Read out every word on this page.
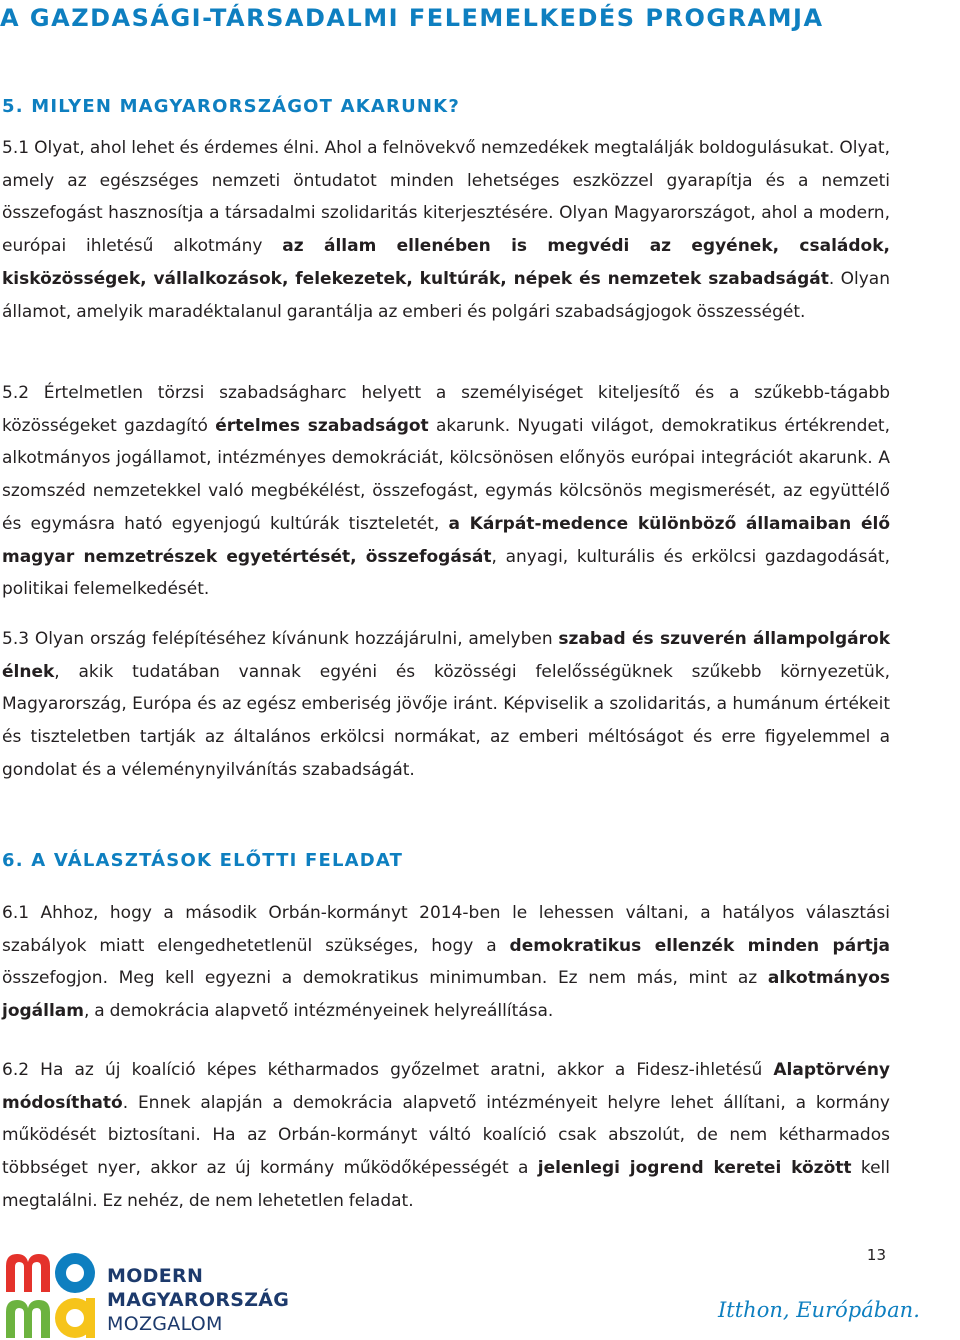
A GAZDASÁGI-TÁRSADALMI FELEMELKEDÉS PROGRAMJA
5. MILYEN MAGYARORSZÁGOT AKARUNK?

5.1 Olyat, ahol lehet és érdemes élni. Ahol a felnövekvő nemzedékek megtalálják boldogulásukat. Olyat, amely az egészséges nemzeti öntudatot minden lehetséges eszközzel gyarapítja és a nemzeti összefogást hasznosítja a társadalmi szolidaritás kiterjesztésére. Olyan Magyarországot, ahol a modern, európai ihletésű alkotmány az állam ellenében is megvédi az egyének, családok, kisközösségek, vállalkozások, felekezetek, kultúrák, népek és nemzetek szabadságát. Olyan államot, amelyik maradéktalanul garantálja az emberi és polgári szabadságjogok összességét.

5.2 Értelmetlen törzsi szabadságharc helyett a személyiséget kiteljesítő és a szűkebb-tágabb közösségeket gazdagító értelmes szabadságot akarunk. Nyugati világot, demokratikus értékrendet, alkotmányos jogállamot, intézményes demokráciát, kölcsönösen előnyös európai integrációt akarunk. A szomszéd nemzetekkel való megbékélést, összefogást, egymás kölcsönös megismerését, az együttélő és egymásra ható egyenjogú kultúrák tiszteletét, a Kárpát-medence különböző államaiban élő magyar nemzetrészek egyetértését, összefogását, anyagi, kulturális és erkölcsi gazdagodását, politikai felemelkedését.

5.3 Olyan ország felépítéséhez kívánunk hozzájárulni, amelyben szabad és szuverén állampolgárok élnek, akik tudatában vannak egyéni és közösségi felelősségüknek szűkebb környezetük, Magyarország, Európa és az egész emberiség jövője iránt. Képviselik a szolidaritás, a humánum értékeit és tiszteletben tartják az általános erkölcsi normákat, az emberi méltóságot és erre figyelemmel a gondolat és a véleménynyilvánítás szabadságát.

6. A VÁLASZTÁSOK ELŐTTI FELADAT

6.1 Ahhoz, hogy a második Orbán-kormányt 2014-ben le lehessen váltani, a hatályos választási szabályok miatt elengedhetetlenül szükséges, hogy a demokratikus ellenzék minden pártja összefogjon. Meg kell egyezni a demokratikus minimumban. Ez nem más, mint az alkotmányos jogállam, a demokrácia alapvető intézményeinek helyreállítása.

6.2 Ha az új koalíció képes kétharmados győzelmet aratni, akkor a Fidesz-ihletésű Alaptörvény módosítható. Ennek alapján a demokrácia alapvető intézményeit helyre lehet állítani, a kormány működését biztosítani. Ha az Orbán-kormányt váltó koalíció csak abszolút, de nem kétharmados többséget nyer, akkor az új kormány működőképességét a jelenlegi jogrend keretei között kell megtalálni. Ez nehéz, de nem lehetetlen feladat.

MODERN
MAGYARORSZÁG
MOZGALOM
13
Itthon, Európában.
